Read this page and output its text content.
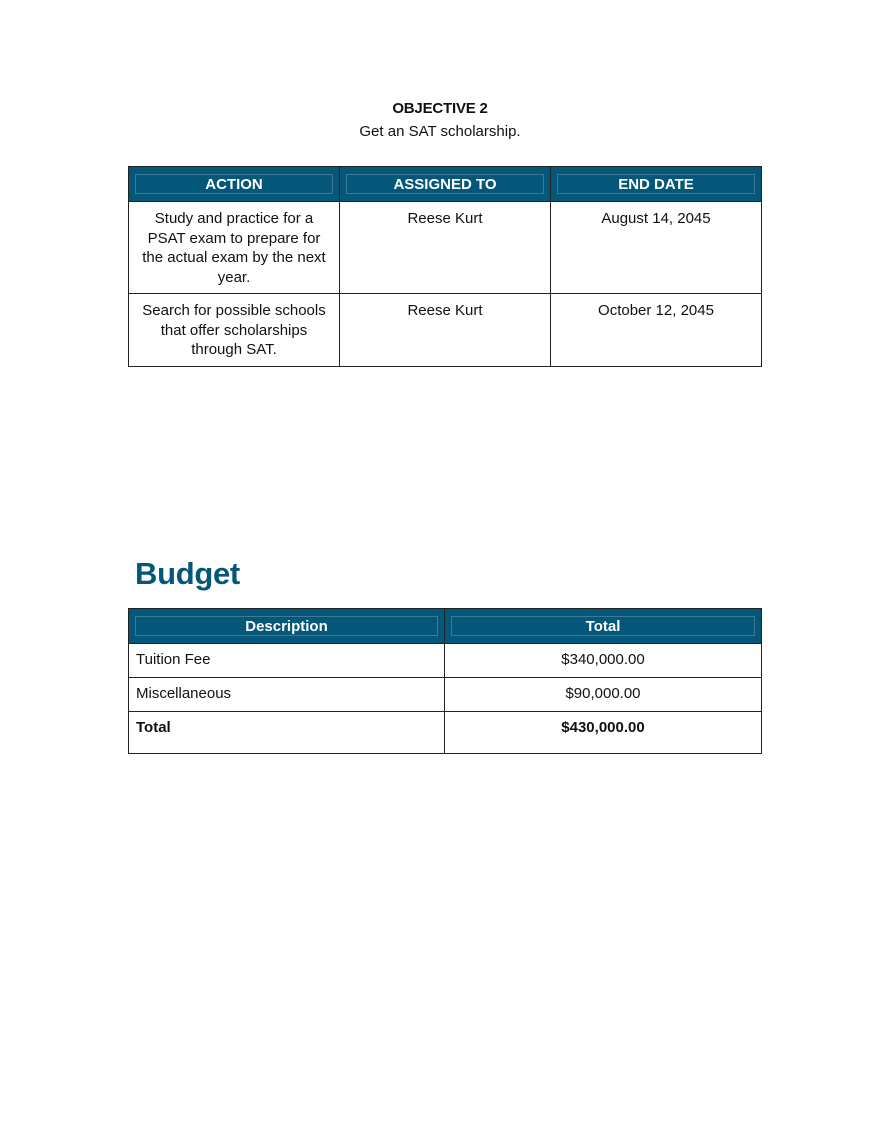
OBJECTIVE 2
Get an SAT scholarship.
ACTION	ASSIGNED TO	END DATE

Study and practice for a PSAT exam to prepare for the actual exam by the next year.	Reese Kurt	August 14, 2045
Search for possible schools that offer scholarships through SAT.	Reese Kurt	October 12, 2045
Budget
Description	Total

Tuition Fee	$340,000.00
Miscellaneous	$90,000.00
Total	$430,000.00
